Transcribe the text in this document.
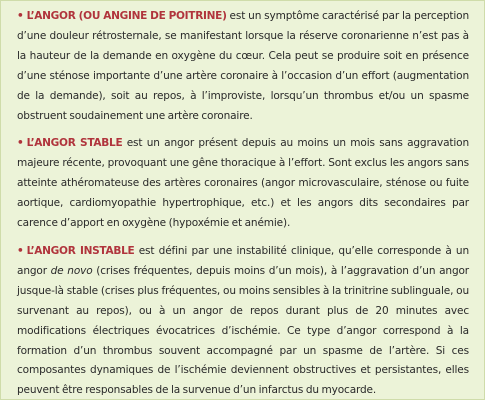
• L’ANGOR (OU ANGINE DE POITRINE) est un symptôme caractérisé par la perception d’une douleur rétrosternale, se manifestant lorsque la réserve coronarienne n’est pas à la hauteur de la demande en oxygène du cœur. Cela peut se produire soit en présence d’une sténose importante d’une artère coronaire à l’occasion d’un effort (augmentation de la demande), soit au repos, à l’improviste, lorsqu’un thrombus et/ou un spasme obstruent soudainement une artère coronaire.

• L’ANGOR STABLE est un angor présent depuis au moins un mois sans aggravation majeure récente, provoquant une gêne thoracique à l’effort. Sont exclus les angors sans atteinte athéromateuse des artères coronaires (angor microvasculaire, sténose ou fuite aortique, cardiomyopathie hypertrophique, etc.) et les angors dits secondaires par carence d’apport en oxygène (hypoxémie et anémie).

• L’ANGOR INSTABLE est défini par une instabilité clinique, qu’elle corresponde à un angor de novo (crises fréquentes, depuis moins d’un mois), à l’aggravation d’un angor jusque-là stable (crises plus fréquentes, ou moins sensibles à la trinitrine sublinguale, ou survenant au repos), ou à un angor de repos durant plus de 20 minutes avec modifications électriques évocatrices d’ischémie. Ce type d’angor correspond à la formation d’un thrombus souvent accompagné par un spasme de l’artère. Si ces composantes dynamiques de l’ischémie deviennent obstructives et persistantes, elles peuvent être responsables de la survenue d’un infarctus du myocarde.
